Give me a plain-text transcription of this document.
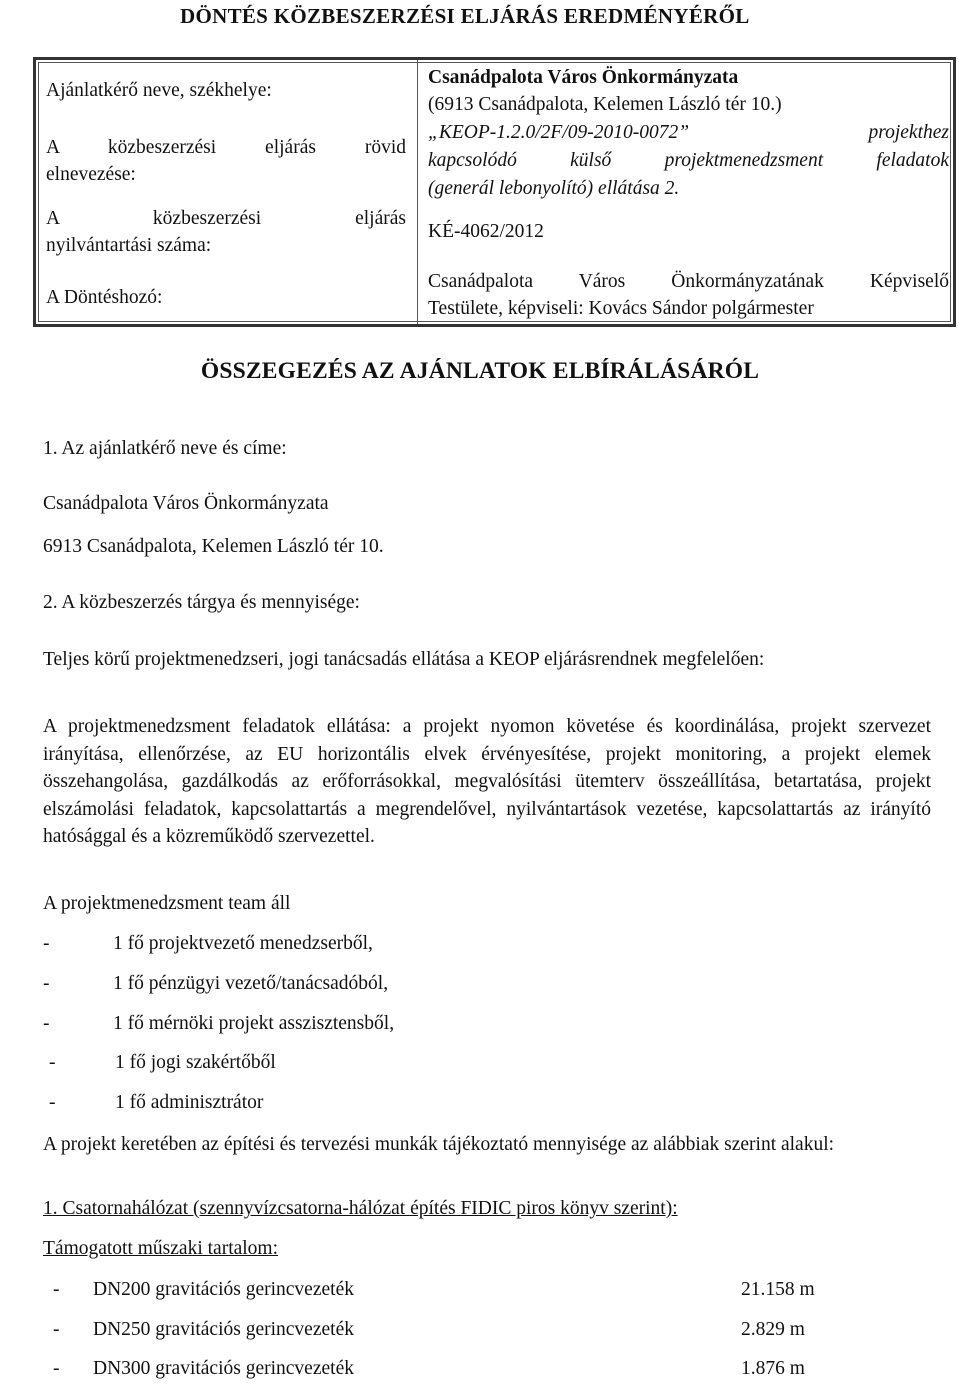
DÖNTÉS KÖZBESZERZÉSI ELJÁRÁS EREDMÉNYÉRŐL
Ajánlatkérő neve, székhelye:
Csanádpalota Város Önkormányzata
(6913 Csanádpalota, Kelemen László tér 10.)
A közbeszerzési eljárás rövid
elnevezése:
„KEOP-1.2.0/2F/09-2010-0072”	projekthez
kapcsolódó külső projektmenedzsment feladatok
(generál lebonyolító) ellátása 2.
A közbeszerzési eljárás
nyilvántartási száma:
KÉ-4062/2012
A Döntéshozó:
Csanádpalota Város Önkormányzatának Képviselő
Testülete, képviseli: Kovács Sándor polgármester
ÖSSZEGEZÉS AZ AJÁNLATOK ELBÍRÁLÁSÁRÓL

1. Az ajánlatkérő neve és címe:

Csanádpalota Város Önkormányzata

6913 Csanádpalota, Kelemen László tér 10.

2. A közbeszerzés tárgya és mennyisége:

Teljes körű projektmenedzseri, jogi tanácsadás ellátása a KEOP eljárásrendnek megfelelően:

A projektmenedzsment feladatok ellátása: a projekt nyomon követése és koordinálása, projekt szervezet irányítása, ellenőrzése, az EU horizontális elvek érvényesítése, projekt monitoring, a projekt elemek összehangolása, gazdálkodás az erőforrásokkal, megvalósítási ütemterv összeállítása, betartatása, projekt elszámolási feladatok, kapcsolattartás a megrendelővel, nyilvántartások vezetése, kapcsolattartás az irányító hatósággal és a közreműködő szervezettel.

A projektmenedzsment team áll

-	1 fő projektvezető menedzserből,
-	1 fő pénzügyi vezető/tanácsadóból,
-	1 fő mérnöki projekt asszisztensből,
-	1 fő jogi szakértőből
-	1 fő adminisztrátor

A projekt keretében az építési és tervezési munkák tájékoztató mennyisége az alábbiak szerint alakul:

1. Csatornahálózat (szennyvízcsatorna-hálózat építés FIDIC piros könyv szerint):

Támogatott műszaki tartalom:

- DN200 gravitációs gerincvezeték	21.158 m
- DN250 gravitációs gerincvezeték	2.829 m
- DN300 gravitációs gerincvezeték	1.876 m
